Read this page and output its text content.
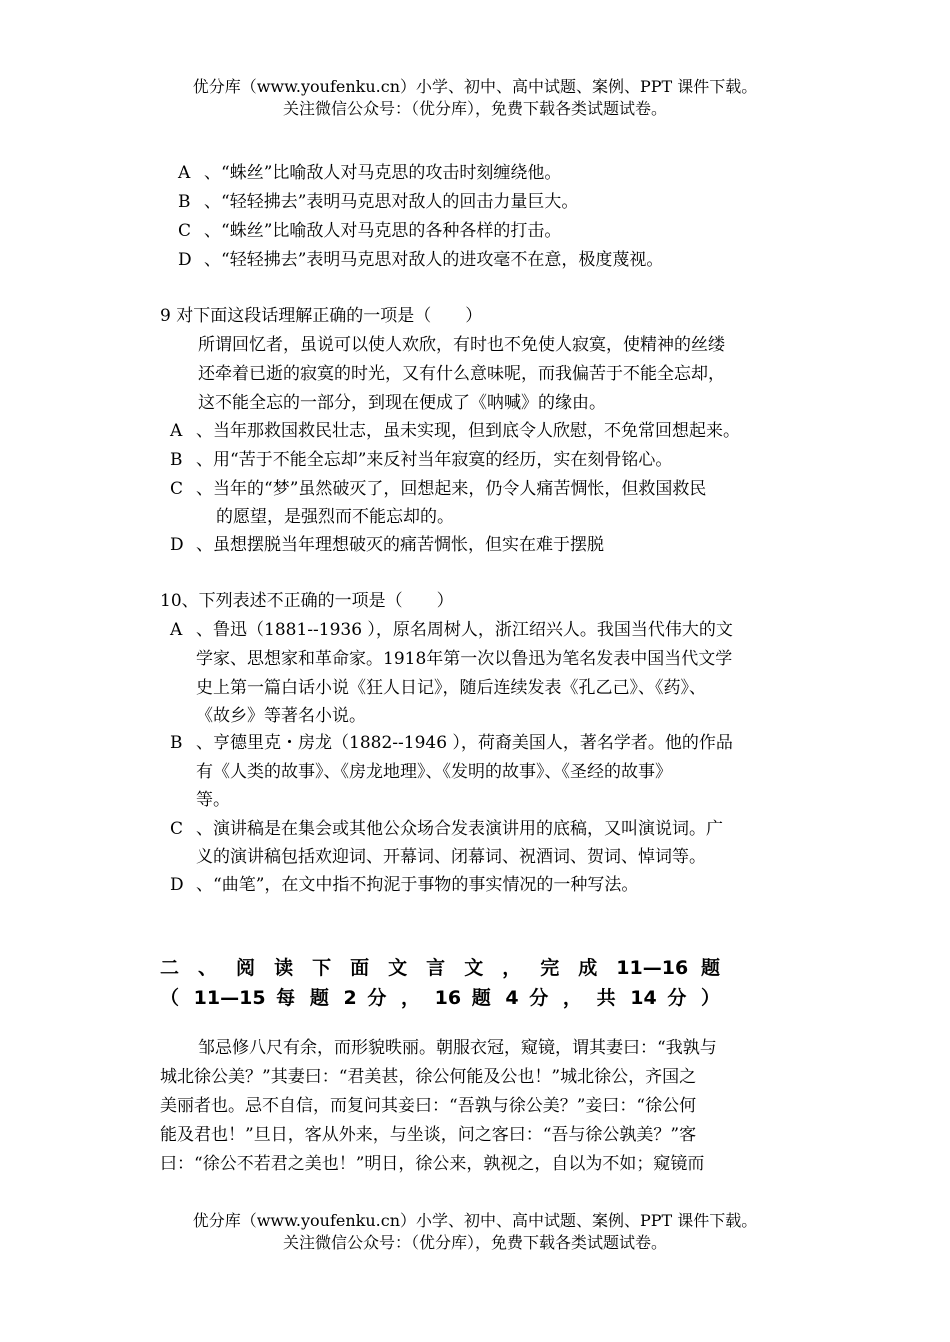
优分库（www.youfenku.cn）小学、初中、高中试题、案例、PPT 课件下载。
关注微信公众号：（优分库），免费下载各类试题试卷。
A 、“蛛丝”比喻敌人对马克思的攻击时刻缠绕他。
B 、“轻轻拂去”表明马克思对敌人的回击力量巨大。
C 、“蛛丝”比喻敌人对马克思的各种各样的打击。
D 、“轻轻拂去”表明马克思对敌人的进攻毫不在意，极度蔑视。
9 对下面这段话理解正确的一项是（　　）
所谓回忆者，虽说可以使人欢欣，有时也不免使人寂寞，使精神的丝缕
还牵着已逝的寂寞的时光，又有什么意味呢，而我偏苦于不能全忘却，
这不能全忘的一部分，到现在便成了《呐喊》的缘由。
A 、当年那救国救民壮志，虽未实现，但到底令人欣慰，不免常回想起来。
B 、用“苦于不能全忘却”来反衬当年寂寞的经历，实在刻骨铭心。
C 、当年的“梦”虽然破灭了，回想起来，仍令人痛苦惆怅，但救国救民
的愿望，是强烈而不能忘却的。
D 、虽想摆脱当年理想破灭的痛苦惆怅，但实在难于摆脱
10、下列表述不正确的一项是（　　）
A 、鲁迅（1881--1936 ），原名周树人，浙江绍兴人。我国当代伟大的文
学家、思想家和革命家。1918年第一次以鲁迅为笔名发表中国当代文学
史上第一篇白话小说《狂人日记》，随后连续发表《孔乙己》、《药》、
《故乡》等著名小说。
B 、亨德里克・房龙（1882--1946 ），荷裔美国人，著名学者。他的作品
有《人类的故事》、《房龙地理》、《发明的故事》、《圣经的故事》
等。
C 、演讲稿是在集会或其他公众场合发表演讲用的底稿，又叫演说词。广
义的演讲稿包括欢迎词、开幕词、闭幕词、祝酒词、贺词、悼词等。
D 、“曲笔”，在文中指不拘泥于事物的事实情况的一种写法。
二 、 阅 读 下 面 文 言 文 ， 完 成 11—16 题
（ 11—15 每 题 2 分 ， 16 题 4 分 ， 共 14 分 ）
邹忌修八尺有余，而形貌昳丽。朝服衣冠，窥镜，谓其妻曰：“我孰与
城北徐公美？”其妻曰：“君美甚，徐公何能及公也！”城北徐公，齐国之
美丽者也。忌不自信，而复问其妾曰：“吾孰与徐公美？”妾曰：“徐公何
能及君也！”旦日，客从外来，与坐谈，问之客曰：“吾与徐公孰美？”客
曰：“徐公不若君之美也！”明日，徐公来，孰视之，自以为不如；窥镜而
优分库（www.youfenku.cn）小学、初中、高中试题、案例、PPT 课件下载。
关注微信公众号：（优分库），免费下载各类试题试卷。
